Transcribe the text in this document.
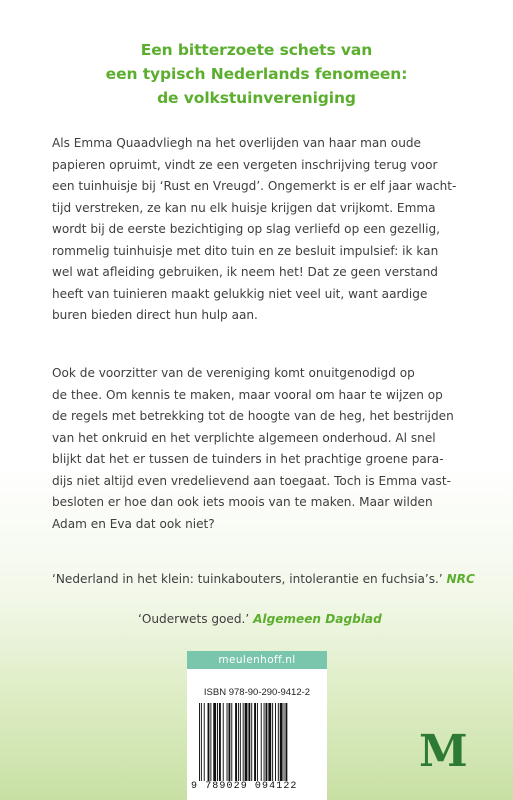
Een bitterzoete schets van
een typisch Nederlands fenomeen:
de volkstuinvereniging
Als Emma Quaadvliegh na het overlijden van haar man oude
papieren opruimt, vindt ze een vergeten inschrijving terug voor
een tuinhuisje bij ‘Rust en Vreugd’. Ongemerkt is er elf jaar wacht-
tijd verstreken, ze kan nu elk huisje krijgen dat vrijkomt. Emma
wordt bij de eerste bezichtiging op slag verliefd op een gezellig,
rommelig tuinhuisje met dito tuin en ze besluit impulsief: ik kan
wel wat afleiding gebruiken, ik neem het! Dat ze geen verstand
heeft van tuinieren maakt gelukkig niet veel uit, want aardige
buren bieden direct hun hulp aan.
Ook de voorzitter van de vereniging komt onuitgenodigd op
de thee. Om kennis te maken, maar vooral om haar te wijzen op
de regels met betrekking tot de hoogte van de heg, het bestrijden
van het onkruid en het verplichte algemeen onderhoud. Al snel
blijkt dat het er tussen de tuinders in het prachtige groene para-
dijs niet altijd even vredelievend aan toegaat. Toch is Emma vast-
besloten er hoe dan ook iets moois van te maken. Maar wilden
Adam en Eva dat ook niet?
‘Nederland in het klein: tuinkabouters, intolerantie en fuchsia’s.’ NRC
‘Ouderwets goed.’ Algemeen Dagblad
meulenhoff.nl
ISBN 978-90-290-9412-2
9 789029 094122
M
